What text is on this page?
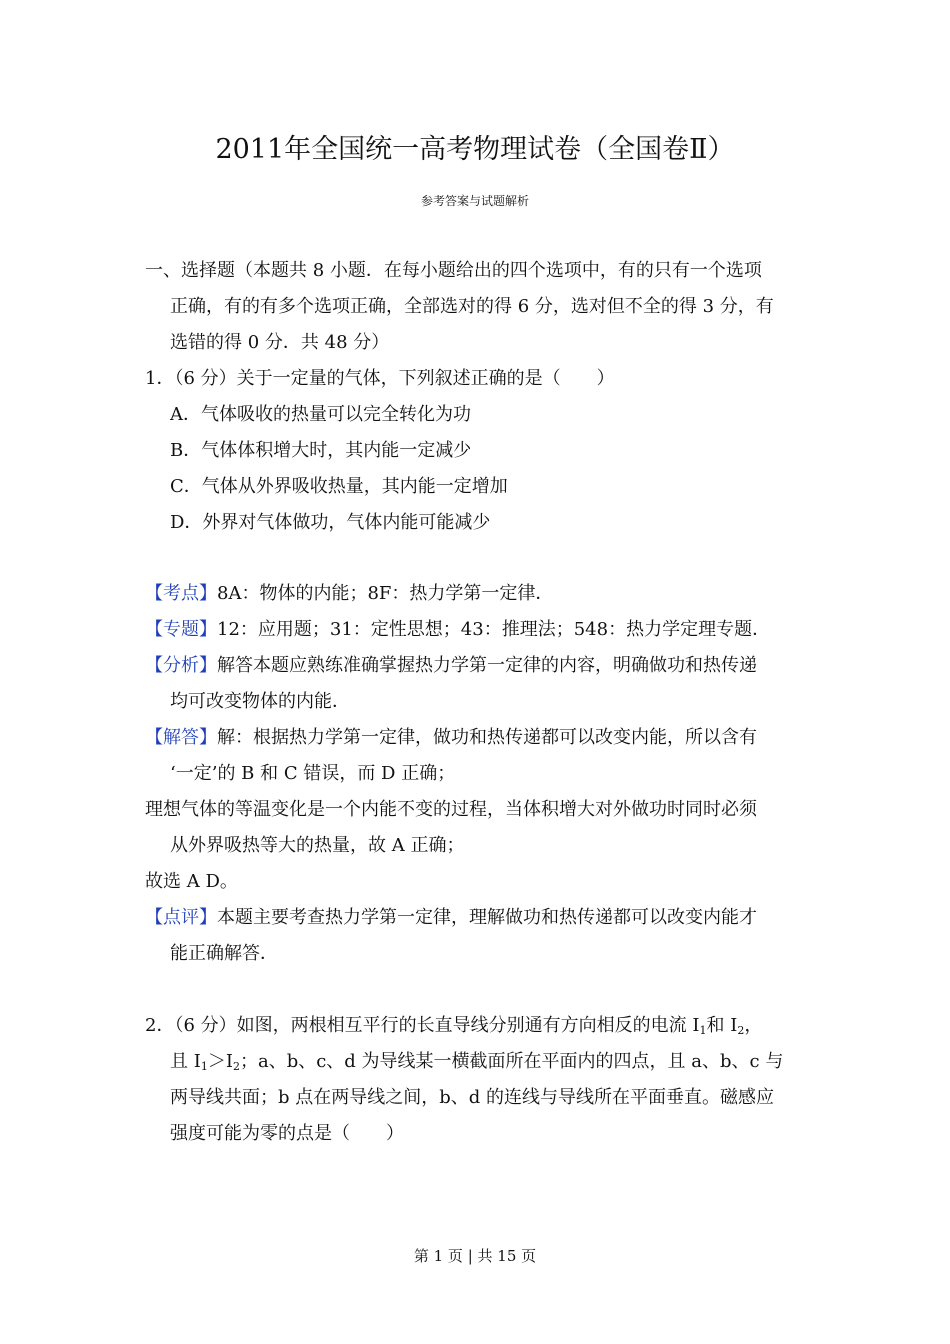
2011年全国统一高考物理试卷（全国卷Ⅱ）
参考答案与试题解析
一、选择题（本题共 8 小题．在每小题给出的四个选项中，有的只有一个选项
正确，有的有多个选项正确，全部选对的得 6 分，选对但不全的得 3 分，有
选错的得 0 分．共 48 分）
1．（6 分）关于一定量的气体，下列叙述正确的是（　　）
A．气体吸收的热量可以完全转化为功
B．气体体积增大时，其内能一定减少
C．气体从外界吸收热量，其内能一定增加
D．外界对气体做功，气体内能可能减少
【考点】8A：物体的内能；8F：热力学第一定律．
【专题】12：应用题；31：定性思想；43：推理法；548：热力学定理专题．
【分析】解答本题应熟练准确掌握热力学第一定律的内容，明确做功和热传递
均可改变物体的内能．
【解答】解：根据热力学第一定律，做功和热传递都可以改变内能，所以含有
‘一定’的 B 和 C 错误，而 D 正确；
理想气体的等温变化是一个内能不变的过程，当体积增大对外做功时同时必须
从外界吸热等大的热量，故 A 正确；
故选 A D。
【点评】本题主要考查热力学第一定律，理解做功和热传递都可以改变内能才
能正确解答．
2．（6 分）如图，两根相互平行的长直导线分别通有方向相反的电流 $I_1$和 $I_2$，
且 $I_1>I_2$；a、b、c、d 为导线某一横截面所在平面内的四点，且 a、b、c 与
两导线共面；b 点在两导线之间，b、d 的连线与导线所在平面垂直。磁感应
强度可能为零的点是（　　）
第 1 页 | 共 15 页
